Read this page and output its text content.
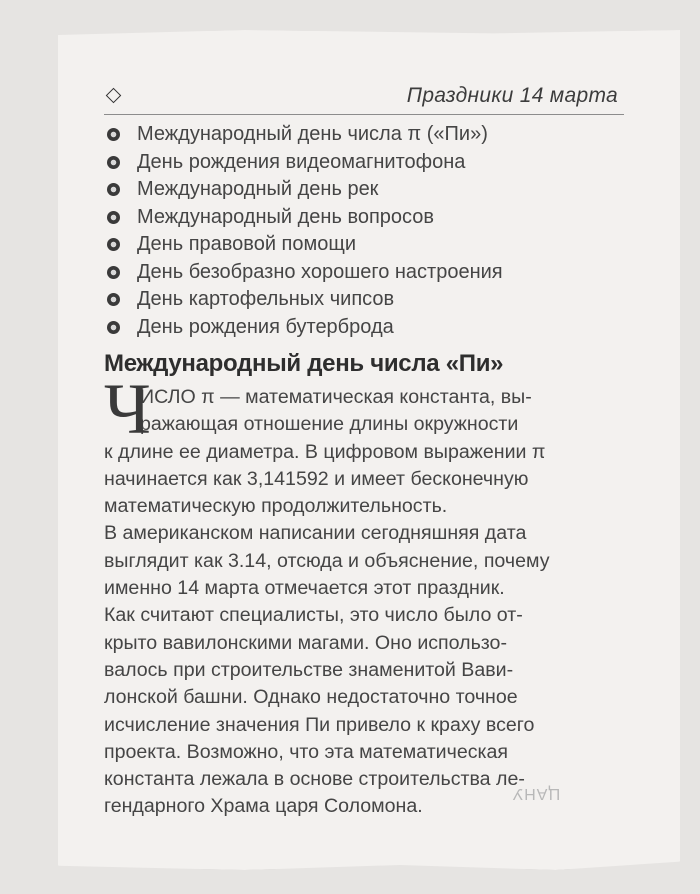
Праздники 14 марта
Международный день числа π («Пи»)
День рождения видеомагнитофона
Международный день рек
Международный день вопросов
День правовой помощи
День безобразно хорошего настроения
День картофельных чипсов
День рождения бутерброда
Международный день числа «Пи»
Ч
ИСЛО π — математическая константа, вы-
ражающая отношение длины окружности
к длине ее диаметра. В цифровом выражении π
начинается как 3,141592 и имеет бесконечную
математическую продолжительность.
В американском написании сегодняшняя дата
выглядит как 3.14, отсюда и объяснение, почему
именно 14 марта отмечается этот праздник.
Как считают специалисты, это число было от-
крыто вавилонскими магами. Оно использо-
валось при строительстве знаменитой Вави-
лонской башни. Однако недостаточно точное
исчисление значения Пи привело к краху всего
проекта. Возможно, что эта математическая
константа лежала в основе строительства ле-
гендарного Храма царя Соломона.
ЦАНУ
